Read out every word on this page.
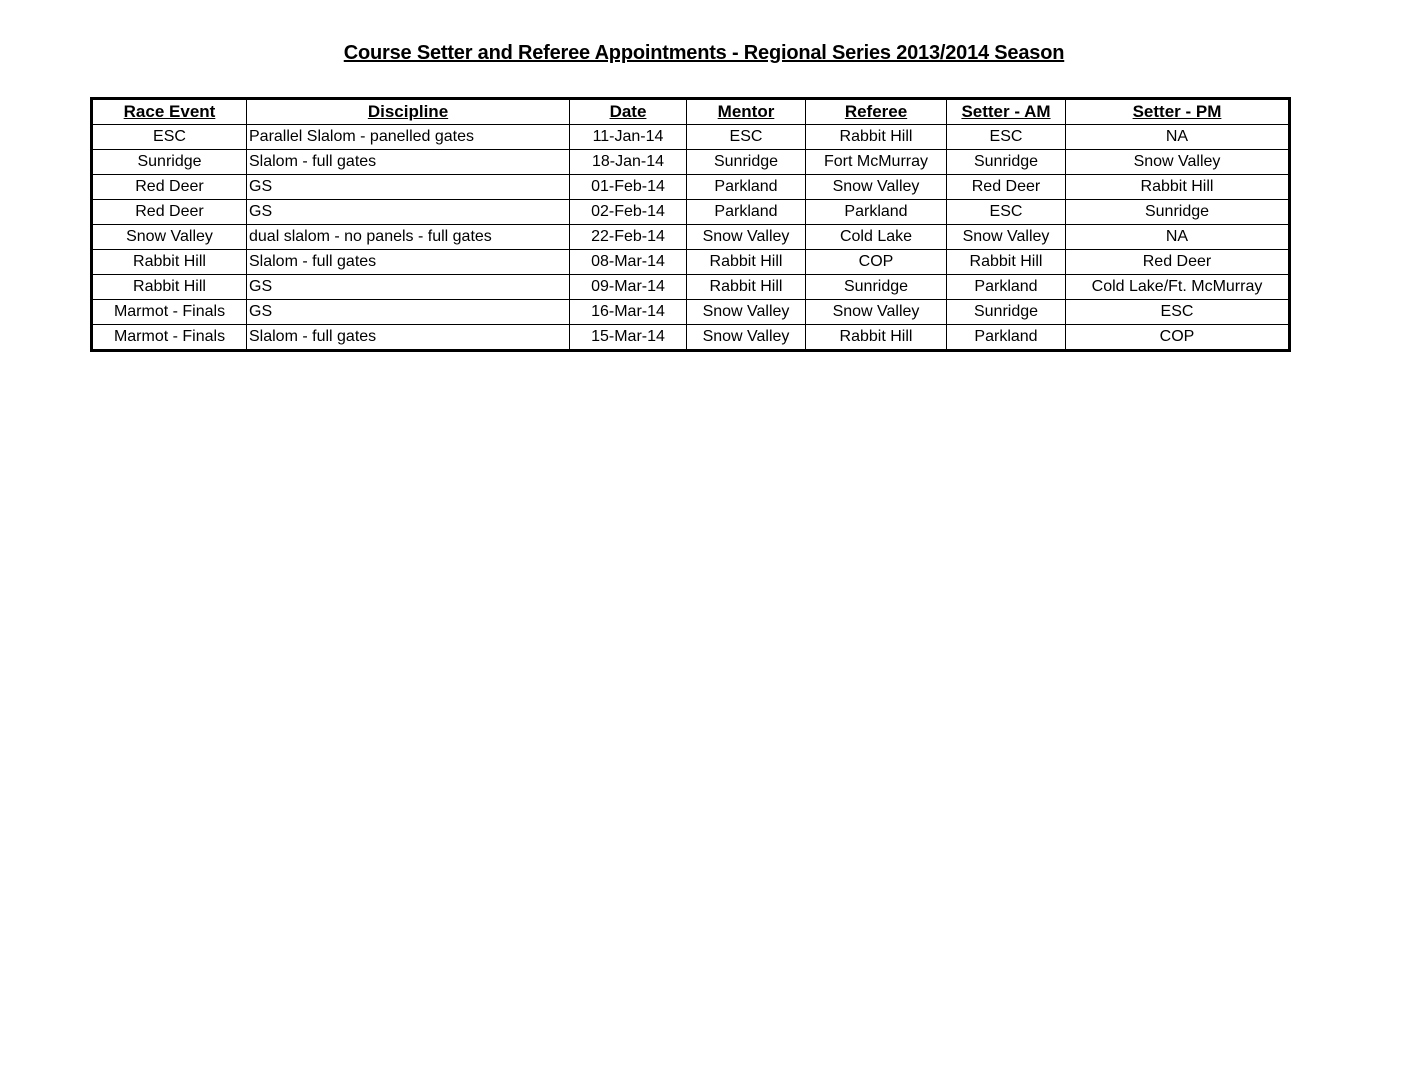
Course Setter and Referee Appointments - Regional Series 2013/2014 Season
Race Event	Discipline	Date	Mentor	Referee	Setter - AM	Setter - PM
ESC	Parallel Slalom - panelled gates	11-Jan-14	ESC	Rabbit Hill	ESC	NA
Sunridge	Slalom - full gates	18-Jan-14	Sunridge	Fort McMurray	Sunridge	Snow Valley
Red Deer	GS	01-Feb-14	Parkland	Snow Valley	Red Deer	Rabbit Hill
Red Deer	GS	02-Feb-14	Parkland	Parkland	ESC	Sunridge
Snow Valley	dual slalom - no panels - full gates	22-Feb-14	Snow Valley	Cold Lake	Snow Valley	NA
Rabbit Hill	Slalom - full gates	08-Mar-14	Rabbit Hill	COP	Rabbit Hill	Red Deer
Rabbit Hill	GS	09-Mar-14	Rabbit Hill	Sunridge	Parkland	Cold Lake/Ft. McMurray
Marmot - Finals	GS	16-Mar-14	Snow Valley	Snow Valley	Sunridge	ESC
Marmot - Finals	Slalom - full gates	15-Mar-14	Snow Valley	Rabbit Hill	Parkland	COP
